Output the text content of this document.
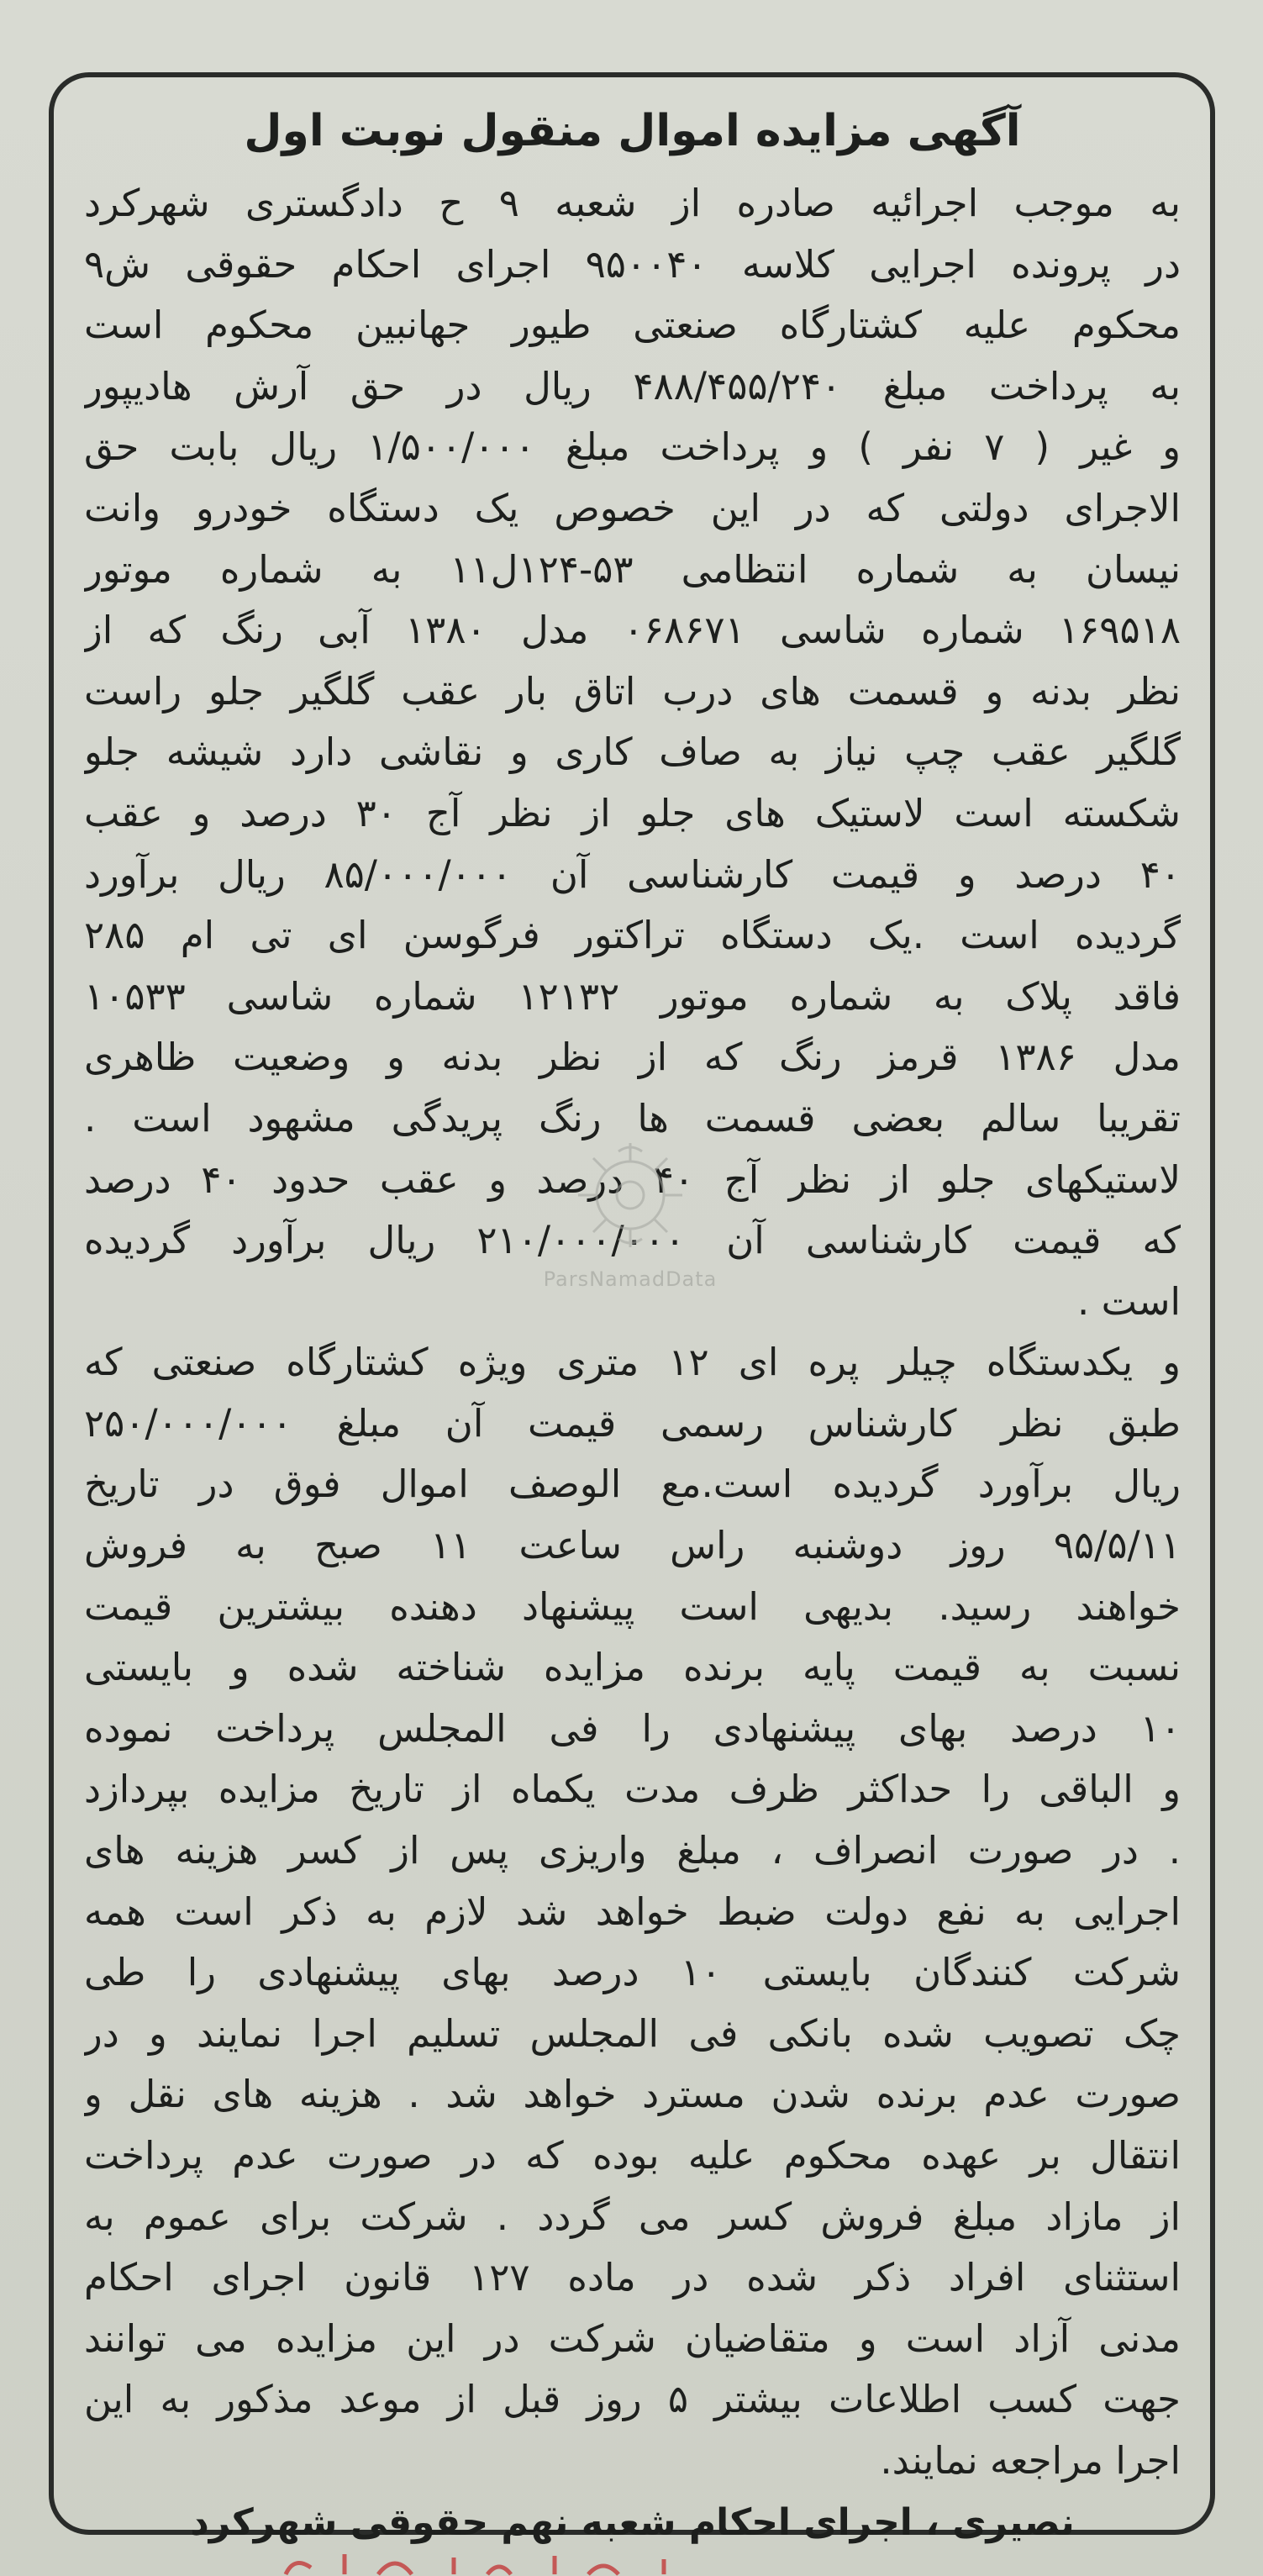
آگهی مزایده اموال منقول نوبت اول
به موجب اجرائیه صادره از شعبه ۹ ح دادگستری شهرکرد
در پرونده اجرایی کلاسه ۹۵۰۰۴۰ اجرای احکام حقوقی ش۹
محکوم علیه کشتارگاه صنعتی طیور جهانبین محکوم است
به پرداخت مبلغ ۴۸۸/۴۵۵/۲۴۰ ریال در حق آرش هادیپور
و غیر ( ۷ نفر ) و پرداخت مبلغ ۱/۵۰۰/۰۰۰ ریال بابت حق
الاجرای دولتی که در این خصوص یک دستگاه خودرو وانت
نیسان به شماره انتظامی ۵۳-۱۲۴ل۱۱ به شماره موتور
۱۶۹۵۱۸ شماره شاسی ۰۶۸۶۷۱ مدل ۱۳۸۰ آبی رنگ که از
نظر بدنه و قسمت های درب اتاق بار عقب گلگیر جلو راست
گلگیر عقب چپ نیاز به صاف کاری و نقاشی دارد شیشه جلو
شکسته است لاستیک های جلو از نظر آج ۳۰ درصد و عقب
۴۰ درصد و قیمت کارشناسی آن ۸۵/۰۰۰/۰۰۰ ریال برآورد
گردیده است .یک دستگاه تراکتور فرگوسن ای تی ام ۲۸۵
فاقد پلاک به شماره موتور ۱۲۱۳۲ شماره شاسی ۱۰۵۳۳
مدل ۱۳۸۶ قرمز رنگ که از نظر بدنه و وضعیت ظاهری
تقریبا سالم بعضی قسمت ها رنگ پریدگی مشهود است .
لاستیکهای جلو از نظر آج ۴۰ درصد و عقب حدود ۴۰ درصد
که قیمت کارشناسی آن ۲۱۰/۰۰۰/۰۰۰ ریال برآورد گردیده
است .
و یکدستگاه چیلر پره ای ۱۲ متری ویژه کشتارگاه صنعتی که
طبق نظر کارشناس رسمی قیمت آن مبلغ ۲۵۰/۰۰۰/۰۰۰
ریال برآورد گردیده است.مع الوصف اموال فوق در تاریخ
۹۵/۵/۱۱ روز دوشنبه راس ساعت ۱۱ صبح به فروش
خواهند رسید. بدیهی است پیشنهاد دهنده بیشترین قیمت
نسبت به قیمت پایه برنده مزایده شناخته شده و بایستی
۱۰ درصد بهای پیشنهادی را فی المجلس پرداخت نموده
و الباقی را حداکثر ظرف مدت یکماه از تاریخ مزایده بپردازد
. در صورت انصراف ، مبلغ واریزی پس از کسر هزینه های
اجرایی به نفع دولت ضبط خواهد شد لازم به ذکر است همه
شرکت کنندگان بایستی ۱۰ درصد بهای پیشنهادی را طی
چک تصویب شده بانکی فی المجلس تسلیم اجرا نمایند و در
صورت عدم برنده شدن مسترد خواهد شد . هزینه های نقل و
انتقال بر عهده محکوم علیه بوده که در صورت عدم پرداخت
از مازاد مبلغ فروش کسر می گردد . شرکت برای عموم به
استثنای افراد ذکر شده در ماده ۱۲۷ قانون اجرای احکام
مدنی آزاد است و متقاضیان شرکت در این مزایده می توانند
جهت کسب اطلاعات بیشتر ۵ روز قبل از موعد مذکور به این
اجرا مراجعه نمایند.
نصیری ، اجرای احکام شعبه نهم حقوقی شهرکرد
ParsNamadData
